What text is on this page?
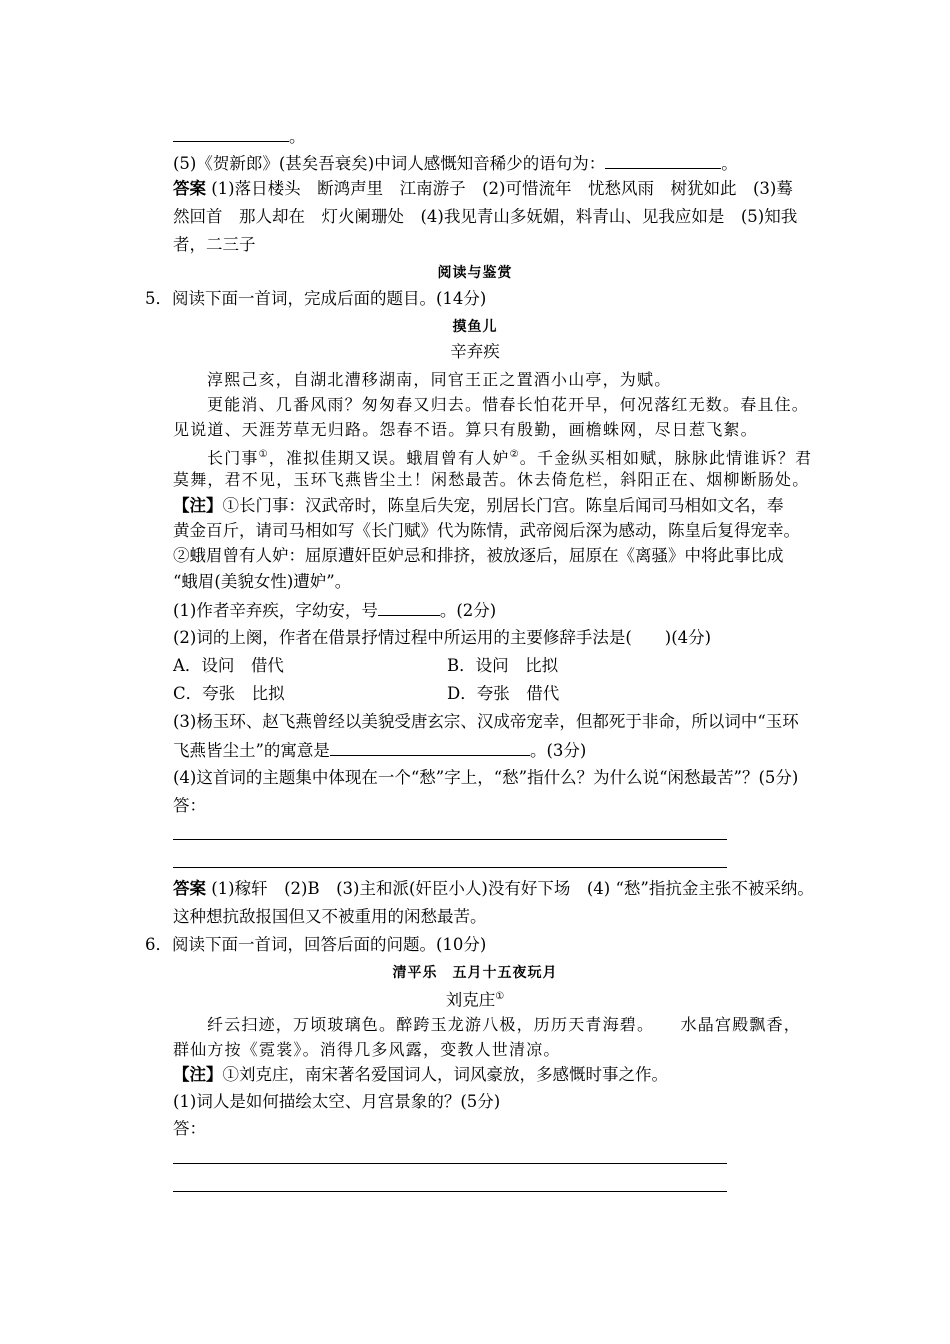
。
(5)《贺新郎》(甚矣吾衰矣)中词人感慨知音稀少的语句为：	。
答案 (1)落日楼头　断鸿声里　江南游子　(2)可惜流年　忧愁风雨　树犹如此　(3)蓦
然回首　那人却在　灯火阑珊处　(4)我见青山多妩媚，料青山、见我应如是　(5)知我
者，二三子
阅读与鉴赏
5．阅读下面一首词，完成后面的题目。(14分)
摸鱼儿
辛弃疾
淳熙己亥，自湖北漕移湖南，同官王正之置酒小山亭，为赋。
更能消、几番风雨？匆匆春又归去。惜春长怕花开早，何况落红无数。春且住。
见说道、天涯芳草无归路。怨春不语。算只有殷勤，画檐蛛网，尽日惹飞絮。
长门事①，准拟佳期又误。蛾眉曾有人妒②。千金纵买相如赋，脉脉此情谁诉？君
莫舞，君不见，玉环飞燕皆尘土！闲愁最苦。休去倚危栏，斜阳正在、烟柳断肠处。
【注】①长门事：汉武帝时，陈皇后失宠，别居长门宫。陈皇后闻司马相如文名，奉
黄金百斤，请司马相如写《长门赋》代为陈情，武帝阅后深为感动，陈皇后复得宠幸。
②蛾眉曾有人妒：屈原遭奸臣妒忌和排挤，被放逐后，屈原在《离骚》中将此事比成
“蛾眉(美貌女性)遭妒”。
(1)作者辛弃疾，字幼安，号	。(2分)
(2)词的上阕，作者在借景抒情过程中所运用的主要修辞手法是(　　)(4分)
A．设问　借代	B．设问　比拟
C．夸张　比拟	D．夸张　借代
(3)杨玉环、赵飞燕曾经以美貌受唐玄宗、汉成帝宠幸，但都死于非命，所以词中“玉环
飞燕皆尘土”的寓意是	。(3分)
(4)这首词的主题集中体现在一个“愁”字上，“愁”指什么？为什么说“闲愁最苦”？(5分)
答：
答案 (1)稼轩　(2)B　(3)主和派(奸臣小人)没有好下场　(4) “愁”指抗金主张不被采纳。
这种想抗敌报国但又不被重用的闲愁最苦。
6．阅读下面一首词，回答后面的问题。(10分)
清平乐　五月十五夜玩月
刘克庄①
纤云扫迹，万顷玻璃色。醉跨玉龙游八极，历历天青海碧。　　水晶宫殿飘香，
群仙方按《霓裳》。消得几多风露，变教人世清凉。
【注】①刘克庄，南宋著名爱国词人，词风豪放，多感慨时事之作。
(1)词人是如何描绘太空、月宫景象的？(5分)
答：
